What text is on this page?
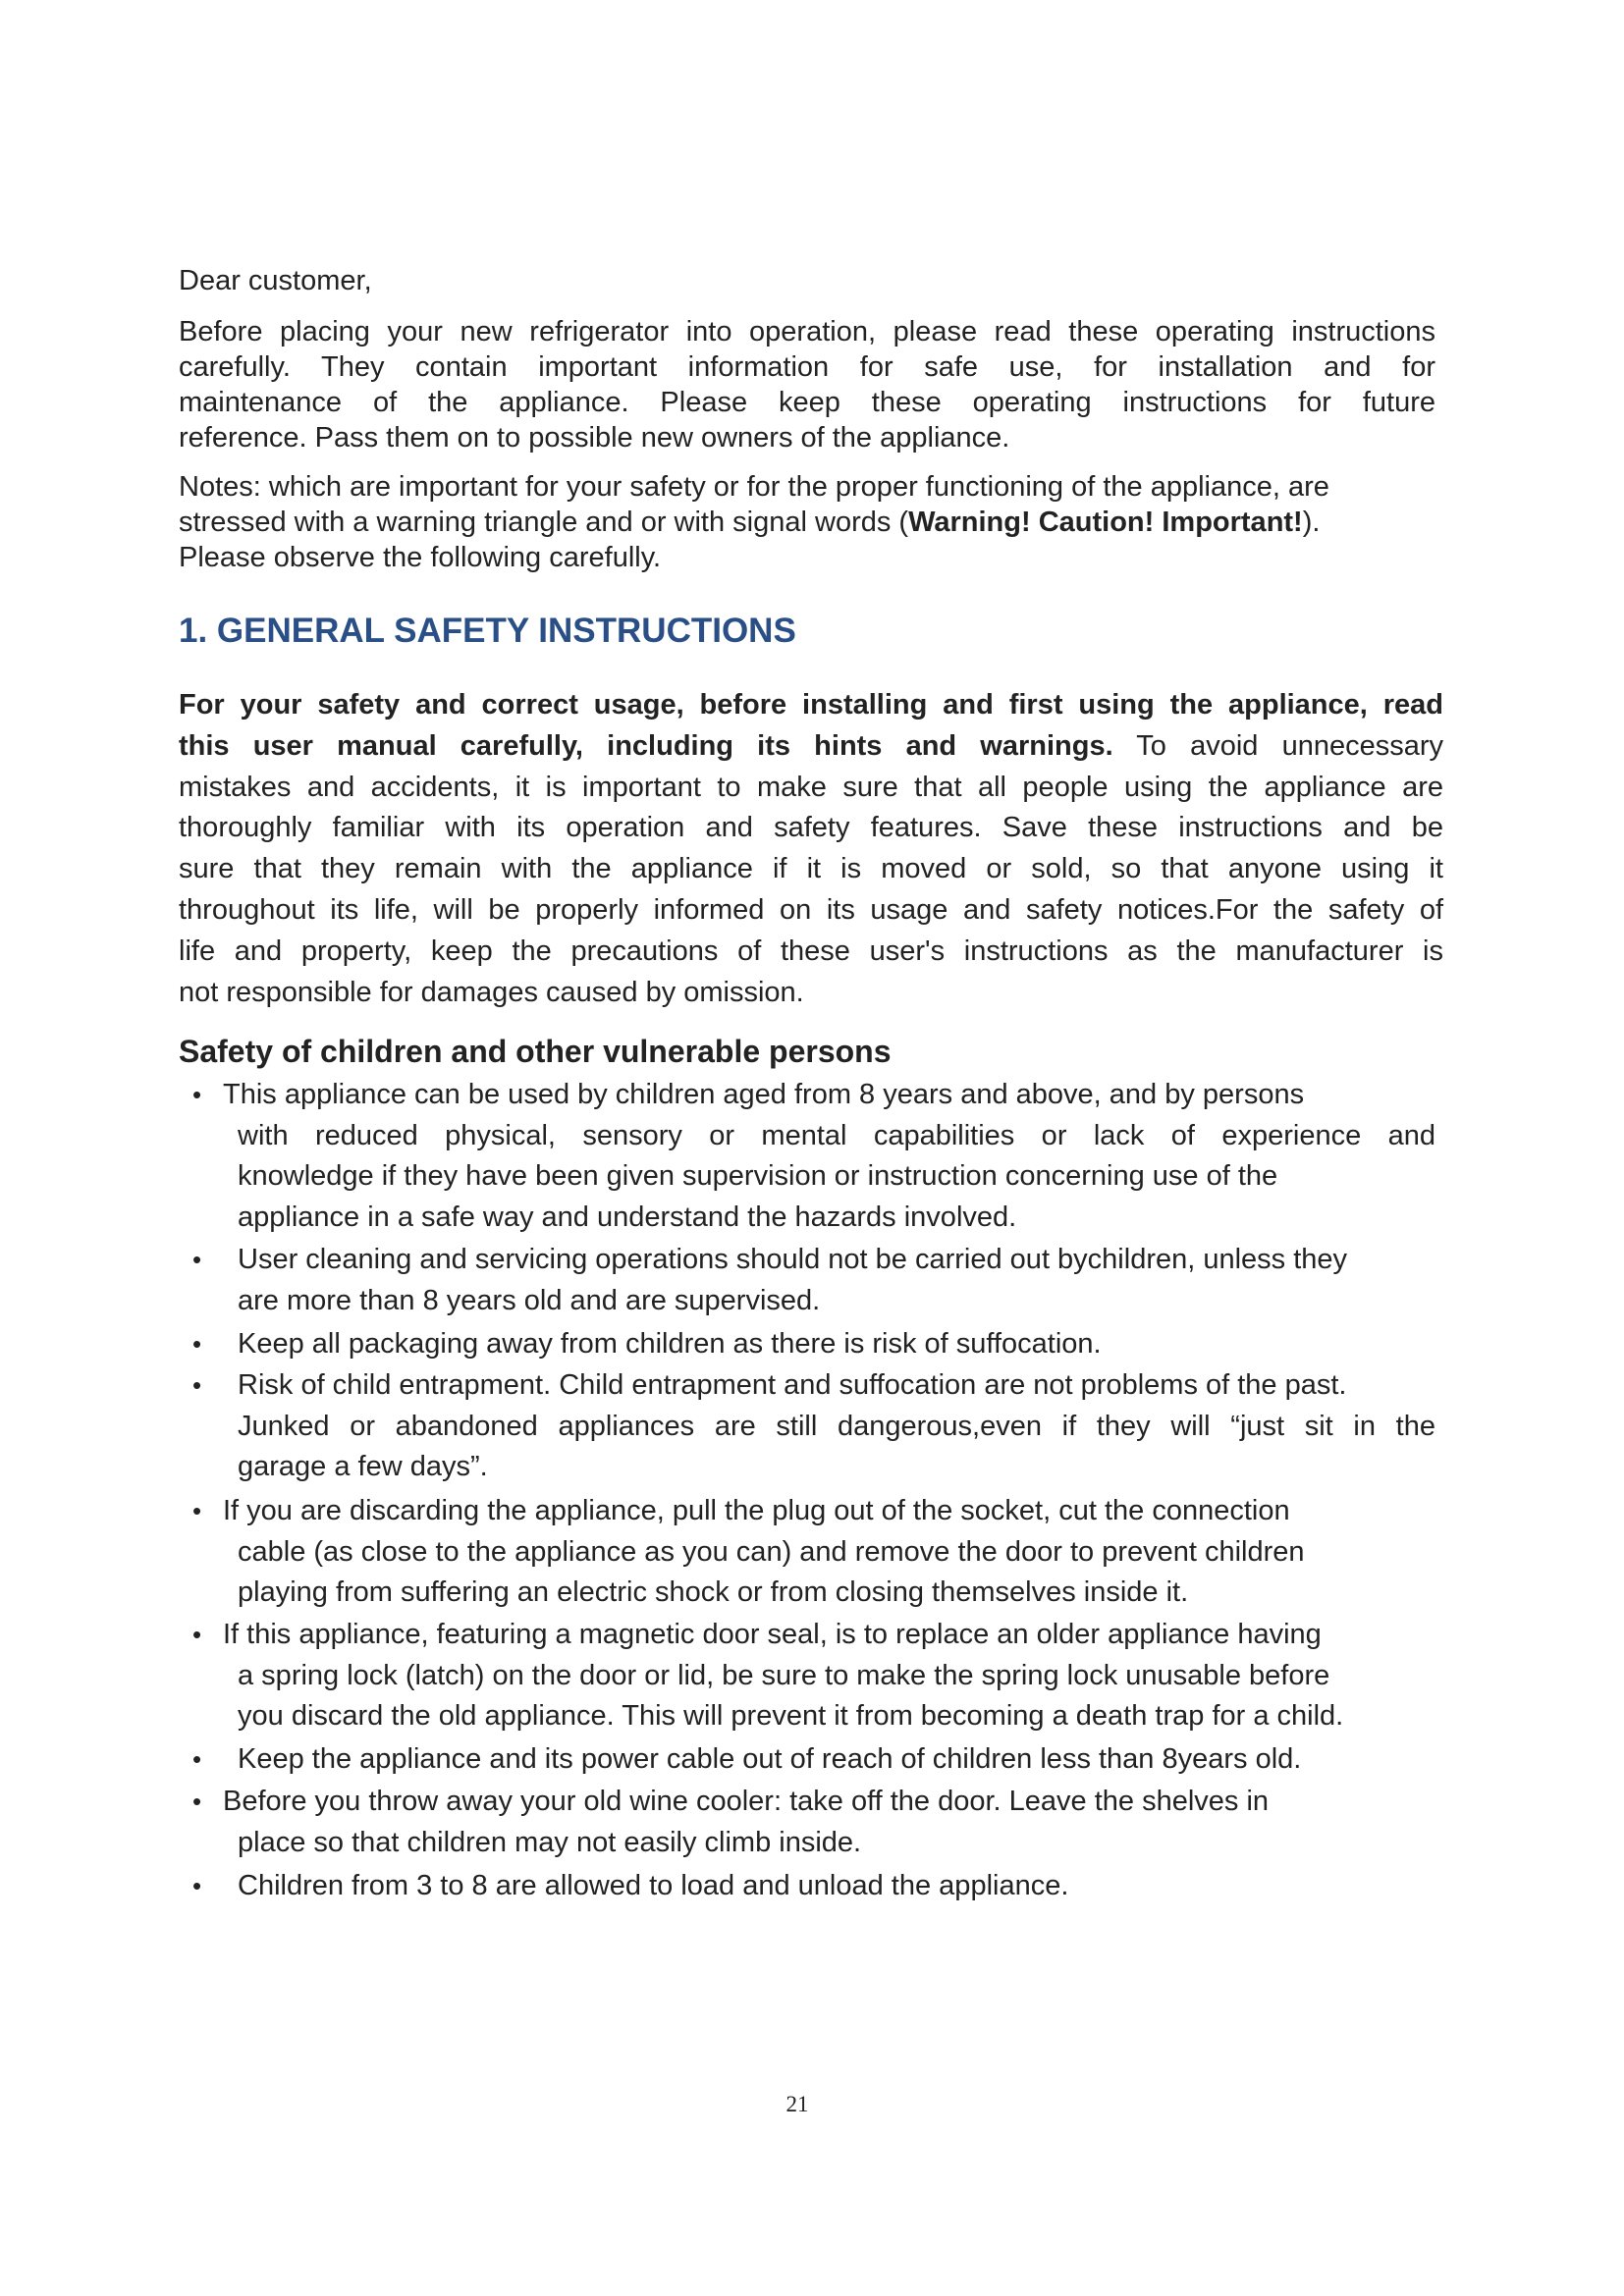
Dear customer,
Before placing your new refrigerator into operation, please read these operating instructions
carefully. They contain important information for safe use, for installation and for
maintenance of the appliance. Please keep these operating instructions for future
reference. Pass them on to possible new owners of the appliance.
Notes: which are important for your safety or for the proper functioning of the appliance, are
stressed with a warning triangle and or with signal words (Warning! Caution! Important!).
Please observe the following carefully.
1. GENERAL SAFETY INSTRUCTIONS
For your safety and correct usage, before installing and first using the appliance, read
this user manual carefully, including its hints and warnings. To avoid unnecessary
mistakes and accidents, it is important to make sure that all people using the appliance are
thoroughly familiar with its operation and safety features. Save these instructions and be
sure that they remain with the appliance if it is moved or sold, so that anyone using it
throughout its life, will be properly informed on its usage and safety notices.For the safety of
life and property, keep the precautions of these user's instructions as the manufacturer is
not responsible for damages caused by omission.
Safety of children and other vulnerable persons
• This appliance can be used by children aged from 8 years and above, and by persons
with reduced physical, sensory or mental capabilities or lack of experience and
knowledge if they have been given supervision or instruction concerning use of the
appliance in a safe way and understand the hazards involved.
• User cleaning and servicing operations should not be carried out bychildren, unless they
are more than 8 years old and are supervised.
• Keep all packaging away from children as there is risk of suffocation.
• Risk of child entrapment. Child entrapment and suffocation are not problems of the past.
Junked or abandoned appliances are still dangerous,even if they will “just sit in the
garage a few days”.
• If you are discarding the appliance, pull the plug out of the socket, cut the connection
cable (as close to the appliance as you can) and remove the door to prevent children
playing from suffering an electric shock or from closing themselves inside it.
• If this appliance, featuring a magnetic door seal, is to replace an older appliance having
a spring lock (latch) on the door or lid, be sure to make the spring lock unusable before
you discard the old appliance. This will prevent it from becoming a death trap for a child.
• Keep the appliance and its power cable out of reach of children less than 8years old.
• Before you throw away your old wine cooler: take off the door. Leave the shelves in
place so that children may not easily climb inside.
• Children from 3 to 8 are allowed to load and unload the appliance.
21
